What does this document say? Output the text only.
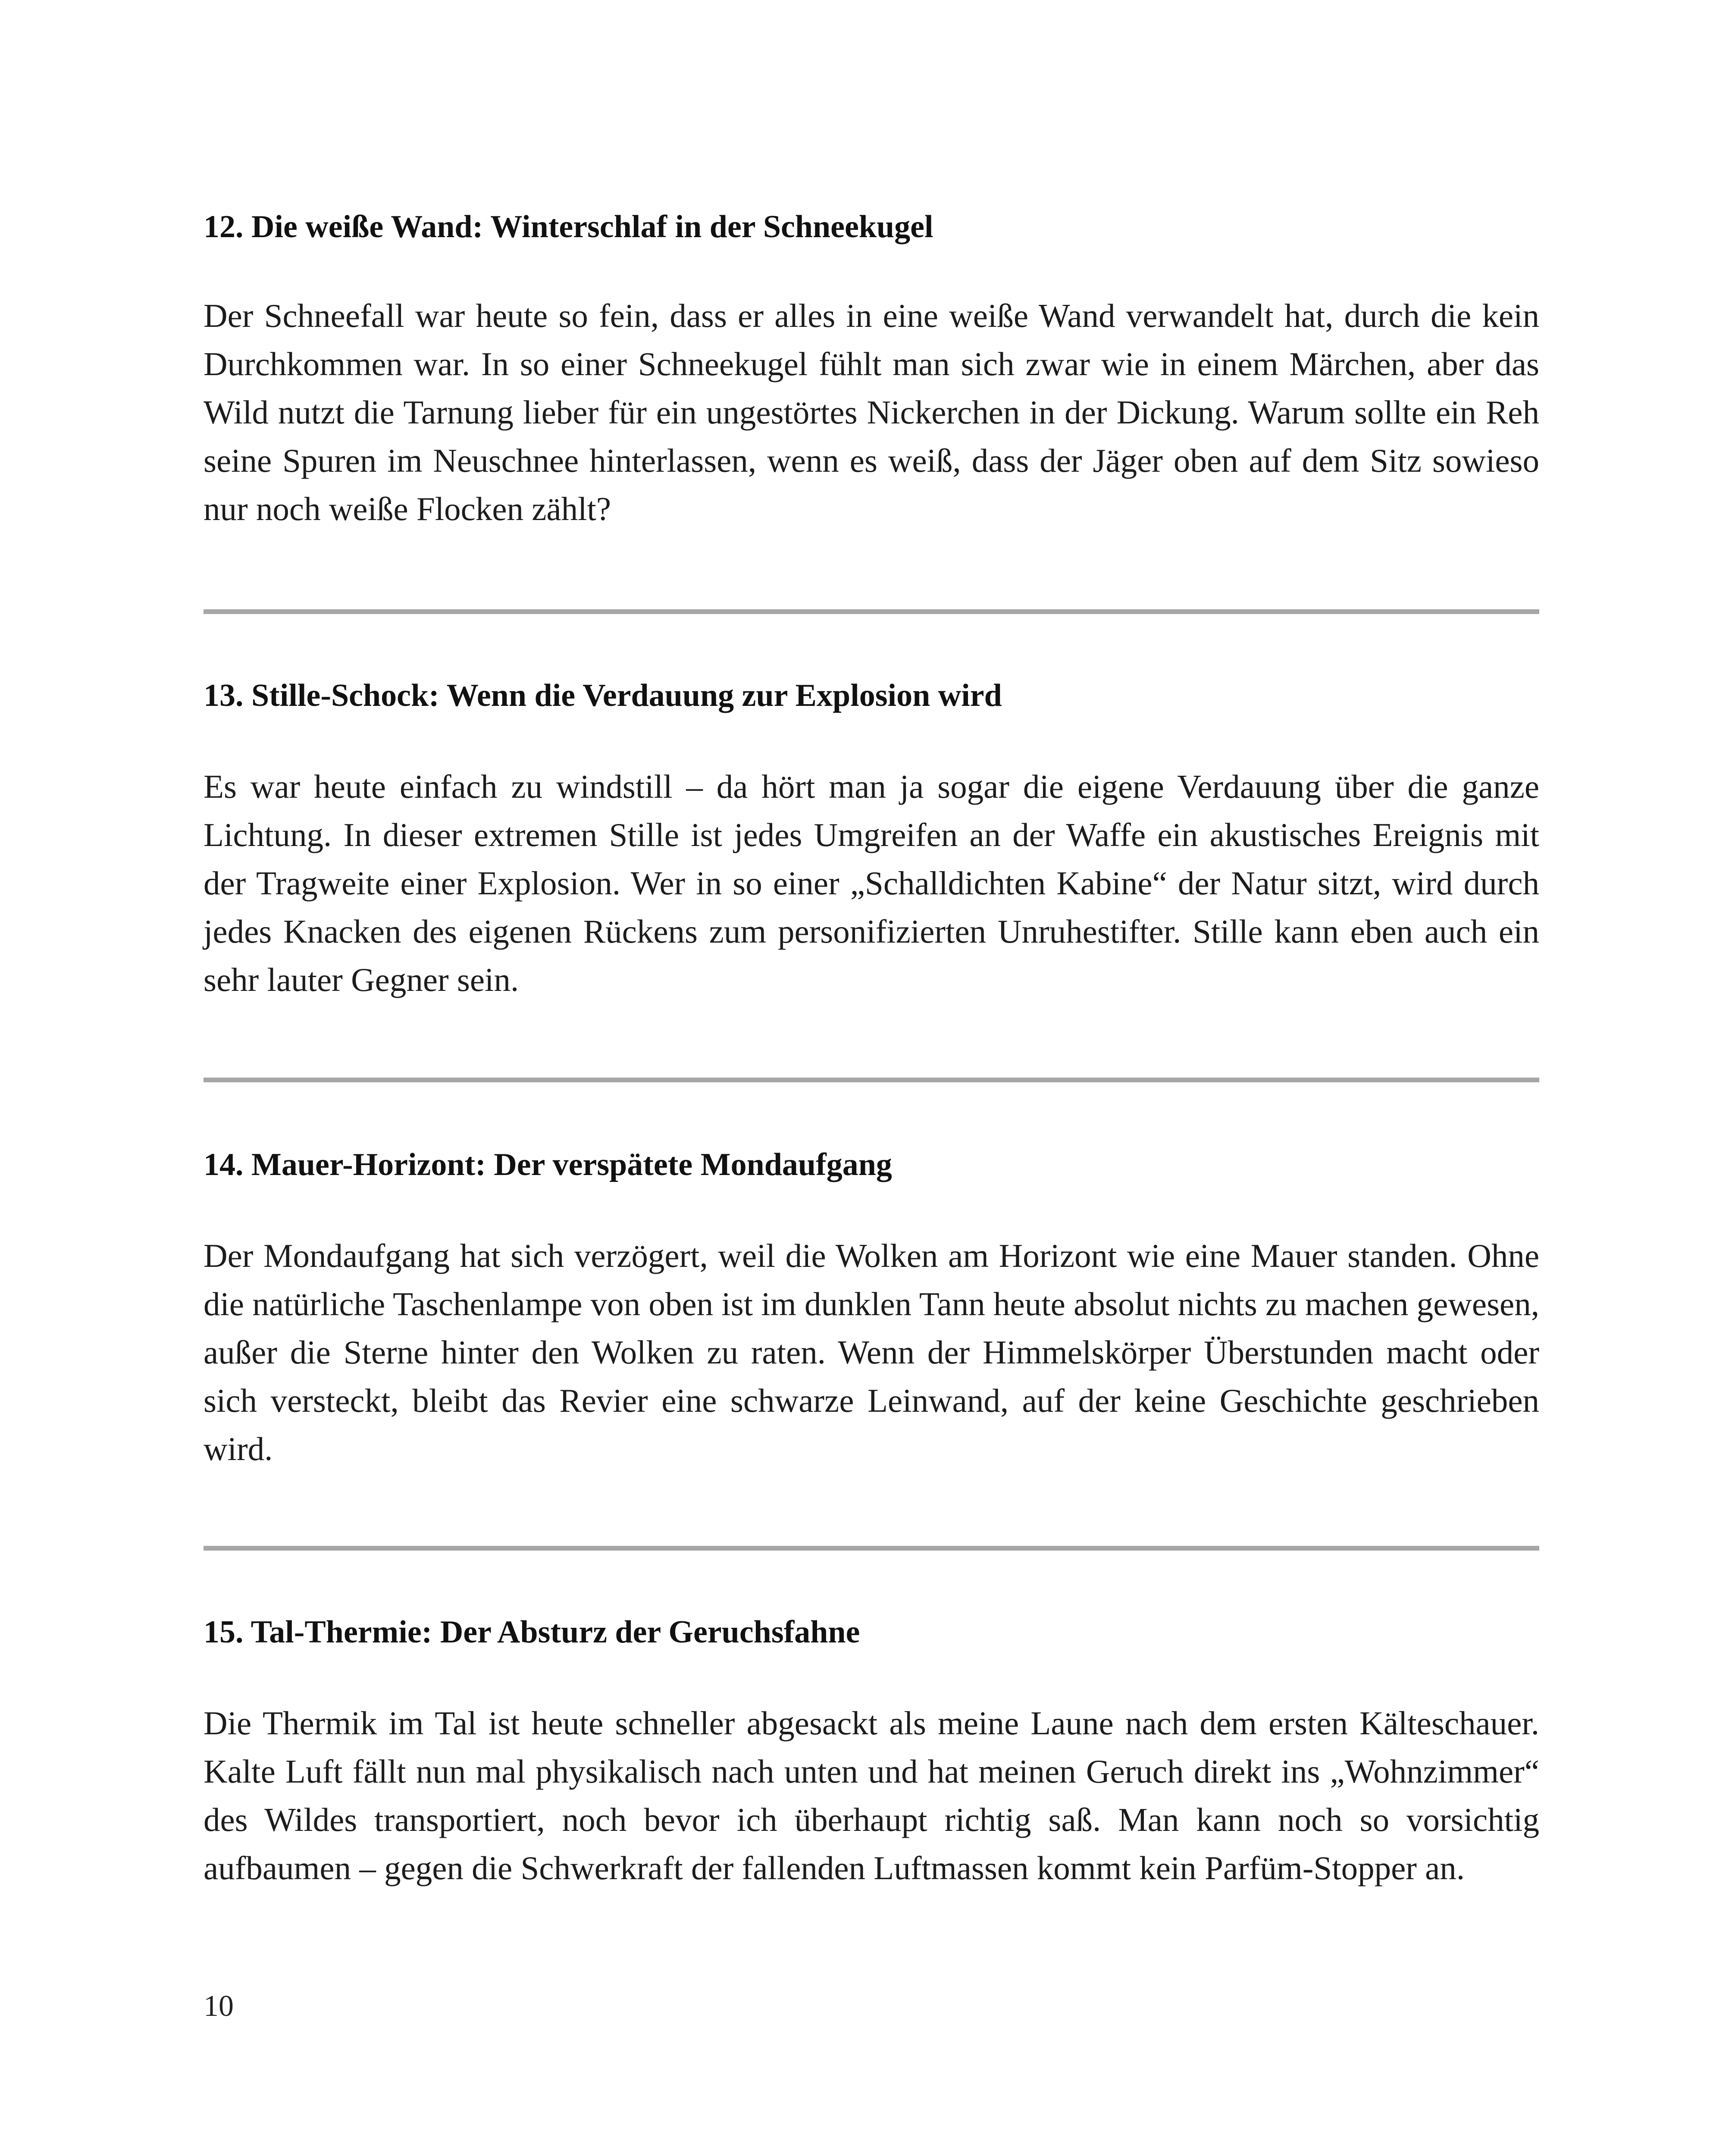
12. Die weiße Wand: Winterschlaf in der Schneekugel

Der Schneefall war heute so fein, dass er alles in eine weiße Wand verwandelt hat, durch die kein Durchkommen war. In so einer Schneekugel fühlt man sich zwar wie in einem Märchen, aber das Wild nutzt die Tarnung lieber für ein ungestörtes Nickerchen in der Dickung. Warum sollte ein Reh seine Spuren im Neuschnee hinterlassen, wenn es weiß, dass der Jäger oben auf dem Sitz sowieso nur noch weiße Flocken zählt?

13. Stille-Schock: Wenn die Verdauung zur Explosion wird

Es war heute einfach zu windstill – da hört man ja sogar die eigene Verdauung über die ganze Lichtung. In dieser extremen Stille ist jedes Umgreifen an der Waffe ein akustisches Ereignis mit der Tragweite einer Explosion. Wer in so einer „Schalldichten Kabine“ der Natur sitzt, wird durch jedes Knacken des eigenen Rückens zum personifizierten Unruhestifter. Stille kann eben auch ein sehr lauter Gegner sein.

14. Mauer-Horizont: Der verspätete Mondaufgang

Der Mondaufgang hat sich verzögert, weil die Wolken am Horizont wie eine Mauer standen. Ohne die natürliche Taschenlampe von oben ist im dunklen Tann heute absolut nichts zu machen gewesen, außer die Sterne hinter den Wolken zu raten. Wenn der Himmelskörper Überstunden macht oder sich versteckt, bleibt das Revier eine schwarze Leinwand, auf der keine Geschichte geschrieben wird.

15. Tal-Thermie: Der Absturz der Geruchsfahne

Die Thermik im Tal ist heute schneller abgesackt als meine Laune nach dem ersten Kälteschauer. Kalte Luft fällt nun mal physikalisch nach unten und hat meinen Geruch direkt ins „Wohnzimmer“ des Wildes transportiert, noch bevor ich überhaupt richtig saß. Man kann noch so vorsichtig aufbaumen – gegen die Schwerkraft der fallenden Luftmassen kommt kein Parfüm-Stopper an.

10
